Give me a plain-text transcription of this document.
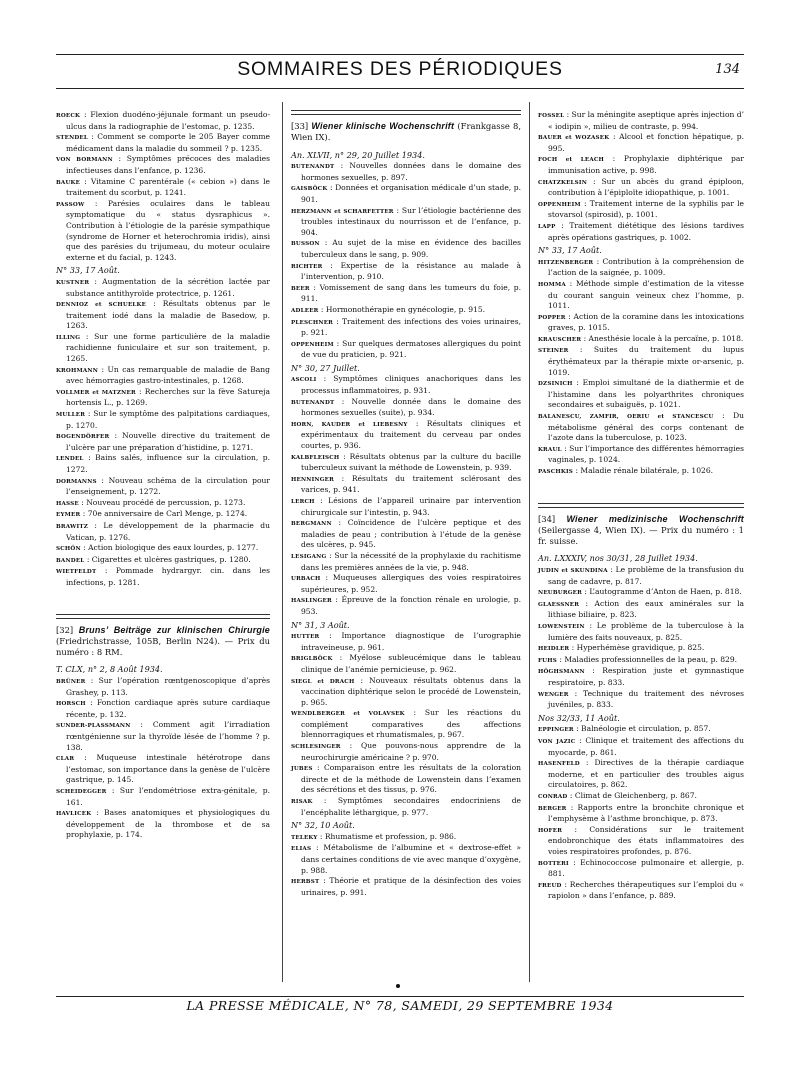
SOMMAIRES DES PÉRIODIQUES	134

ROECK : Flexion duodéno-jéjunale formant un pseudo-ulcus dans la radiographie de l’estomac, p. 1235.

STENDEL : Comment se comporte le 205 Bayer comme médicament dans la maladie du sommeil ? p. 1235.

VON BORMANN : Symptômes précoces des maladies infectieuses dans l’enfance, p. 1236.

BAUKE : Vitamine C parentérale (« cebion ») dans le traitement du scorbut, p. 1241.

PASSOW : Parésies oculaires dans le tableau symptomatique du « status dysraphicus ». Contribution à l’étiologie de la parésie sympathique (syndrome de Horner et heterochromia iridis), ainsi que des parésies du trijumeau, du moteur oculaire externe et du facial, p. 1243.

N° 33, 17 Août.

KUSTNER : Augmentation de la sécrétion lactée par substance antithyroïde protectrice, p. 1261.

DENNIOZ et SCHUELKE : Résultats obtenus par le traitement iodé dans la maladie de Basedow, p. 1263.

ILLING : Sur une forme particulière de la maladie rachidienne funiculaire et sur son traitement, p. 1265.

KROHMANN : Un cas remarquable de maladie de Bang avec hémorragies gastro-intestinales, p. 1268.

VOLLMER et MATZNER : Recherches sur la fève Satureja hortensis L., p. 1269.

MULLER : Sur le symptôme des palpitations cardiaques, p. 1270.

BOGENDÖRFER : Nouvelle directive du traitement de l’ulcère par une préparation d’histidine, p. 1271.

LENDEL : Bains salés, influence sur la circulation, p. 1272.

DORMANNS : Nouveau schéma de la circulation pour l’enseignement, p. 1272.

HASSE : Nouveau procédé de percussion, p. 1273.

EYMER : 70e anniversaire de Carl Menge, p. 1274.

BRAWITZ : Le développement de la pharmacie du Vatican, p. 1276.

SCHÖN : Action biologique des eaux lourdes, p. 1277.

BANDEL : Cigarettes et ulcères gastriques, p. 1280.

WIETFELDT : Pommade hydrargyr. cin. dans les infections, p. 1281.

[32] Bruns’ Beiträge zur klinischen Chirurgie (Friedrichstrasse, 105B, Berlin N24). — Prix du numéro : 8 RM.

T. CLX, n° 2, 8 Août 1934.

BRÜNER : Sur l’opération rœntgenoscopique d’après Grashey, p. 113.

HORSCH : Fonction cardiaque après suture cardiaque récente, p. 132.

SUNDER-PLASSMANN : Comment agit l’irradiation rœntgénienne sur la thyroïde lésée de l’homme ? p. 138.

CLAR : Muqueuse intestinale hétérotrope dans l’estomac, son importance dans la genèse de l’ulcère gastrique, p. 145.

SCHEIDEGGER : Sur l’endométriose extra-génitale, p. 161.

HAVLICEK : Bases anatomiques et physiologiques du développement de la thrombose et de sa prophylaxie, p. 174.

[33] Wiener klinische Wochenschrift (Frankgasse 8, Wien IX).

An. XLVII, n° 29, 20 Juillet 1934.

BUTENANDT : Nouvelles données dans le domaine des hormones sexuelles, p. 897.

GAISBÖCK : Données et organisation médicale d’un stade, p. 901.

HERZMANN et SCHARFETTER : Sur l’étiologie bactérienne des troubles intestinaux du nourrisson et de l’enfance, p. 904.

BUSSON : Au sujet de la mise en évidence des bacilles tuberculeux dans le sang, p. 909.

RICHTER : Expertise de la résistance au malade à l’intervention, p. 910.

BEER : Vomissement de sang dans les tumeurs du foie, p. 911.

ADLEER : Hormonothérapie en gynécologie, p. 915.

PLESCHNER : Traitement des infections des voies urinaires, p. 921.

OPPENHEIM : Sur quelques dermatoses allergiques du point de vue du praticien, p. 921.

N° 30, 27 Juillet.

ASCOLI : Symptômes cliniques anachoriques dans les processus inflammatoires, p. 931.

BUTENANDT : Nouvelle donnée dans le domaine des hormones sexuelles (suite), p. 934.

HORN, KAUDER et LIEBESNY : Résultats cliniques et expérimentaux du traitement du cerveau par ondes courtes, p. 936.

KALBFLEISCH : Résultats obtenus par la culture du bacille tuberculeux suivant la méthode de Lowenstein, p. 939.

HENNINGER : Résultats du traitement sclérosant des varices, p. 941.

LERCH : Lésions de l’appareil urinaire par intervention chirurgicale sur l’intestin, p. 943.

BERGMANN : Coïncidence de l’ulcère peptique et des maladies de peau ; contribution à l’étude de la genèse des ulcères, p. 945.

LESIGANG : Sur la nécessité de la prophylaxie du rachitisme dans les premières années de la vie, p. 948.

URBACH : Muqueuses allergiques des voies respiratoires supérieures, p. 952.

HASLINGER : Épreuve de la fonction rénale en urologie, p. 953.

N° 31, 3 Août.

HUTTER : Importance diagnostique de l’urographie intraveineuse, p. 961.

BRIGLBÖCK : Myélose subleucémique dans le tableau clinique de l’anémie pernicieuse, p. 962.

SIEGL et DRACH : Nouveaux résultats obtenus dans la vaccination diphtérique selon le procédé de Lowenstein, p. 965.

WENDLBERGER et VOLAVSEK : Sur les réactions du complément comparatives des affections blennorragiques et rhumatismales, p. 967.

SCHLESINGER : Que pouvons-nous apprendre de la neurochirurgie américaine ? p. 970.

JUBES : Comparaison entre les résultats de la coloration directe et de la méthode de Lowenstein dans l’examen des sécrétions et des tissus, p. 976.

RISAK : Symptômes secondaires endocriniens de l’encéphalite léthargique, p. 977.

N° 32, 10 Août.

TELEKY : Rhumatisme et profession, p. 986.

ELIAS : Métabolisme de l’albumine et « dextrose-effet » dans certaines conditions de vie avec manque d’oxygène, p. 988.

HERBST : Théorie et pratique de la désinfection des voies urinaires, p. 991.

FOSSEL : Sur la méningite aseptique après injection d’ « iodipin », milieu de contraste, p. 994.

BAUER et WOZASEK : Alcool et fonction hépatique, p. 995.

FOCH et LEACH : Prophylaxie diphtérique par immunisation active, p. 998.

CHATZKELSIN : Sur un abcès du grand épiploon, contribution à l’épiploïte idiopathique, p. 1001.

OPPENHEIM : Traitement interne de la syphilis par le stovarsol (spirosid), p. 1001.

LAPP : Traitement diététique des lésions tardives après opérations gastriques, p. 1002.

N° 33, 17 Août.

HITZENBERGER : Contribution à la compréhension de l’action de la saignée, p. 1009.

HOMMA : Méthode simple d’estimation de la vitesse du courant sanguin veineux chez l’homme, p. 1011.

POPPER : Action de la coramine dans les intoxications graves, p. 1015.

KRAUSCHER : Anesthésie locale à la percaïne, p. 1018.

STEINER : Suites du traitement du lupus érythémateux par la thérapie mixte or-arsenic, p. 1019.

DZSINICH : Emploi simultané de la diathermie et de l’histamine dans les polyarthrites chroniques secondaires et subaiguës, p. 1021.

BALANESCU, ZAMFIR, OERIU et STANCESCU : Du métabolisme général des corps contenant de l’azote dans la tuberculose, p. 1023.

KRAUL : Sur l’importance des différentes hémorragies vaginales, p. 1024.

PASCHKIS : Maladie rénale bilatérale, p. 1026.

[34] Wiener medizinische Wochenschrift (Seilergasse 4, Wien IX). — Prix du numéro : 1 fr. suisse.

An. LXXXIV, nos 30/31, 28 Juillet 1934.

JUDIN et SKUNDINA : Le problème de la transfusion du sang de cadavre, p. 817.

NEUBURGER : L’autogramme d’Anton de Haen, p. 818.

GLAESSNER : Action des eaux aminérales sur la lithiase biliaire, p. 823.

LOWENSTEIN : Le problème de la tuberculose à la lumière des faits nouveaux, p. 825.

HEIDLER : Hyperhémèse gravidique, p. 825.

FUHS : Maladies professionnelles de la peau, p. 829.

HÖGHSMANN : Respiration juste et gymnastique respiratoire, p. 833.

WENGER : Technique du traitement des névroses juvéniles, p. 833.

Nos 32/33, 11 Août.

EPPINGER : Balnéologie et circulation, p. 857.

VON JAZIC : Clinique et traitement des affections du myocarde, p. 861.

HASENFELD : Directives de la thérapie cardiaque moderne, et en particulier des troubles aigus circulatoires, p. 862.

CONRAD : Climat de Gleichenberg, p. 867.

BERGER : Rapports entre la bronchite chronique et l’emphysème à l’asthme bronchique, p. 873.

HOFER : Considérations sur le traitement endobronchique des états inflammatoires des voies respiratoires profondes, p. 876.

BOTTERI : Echinococcose pulmonaire et allergie, p. 881.

FREUD : Recherches thérapeutiques sur l’emploi du « rapiolon » dans l’enfance, p. 889.

LA PRESSE MÉDICALE, N° 78, SAMEDI, 29 SEPTEMBRE 1934
